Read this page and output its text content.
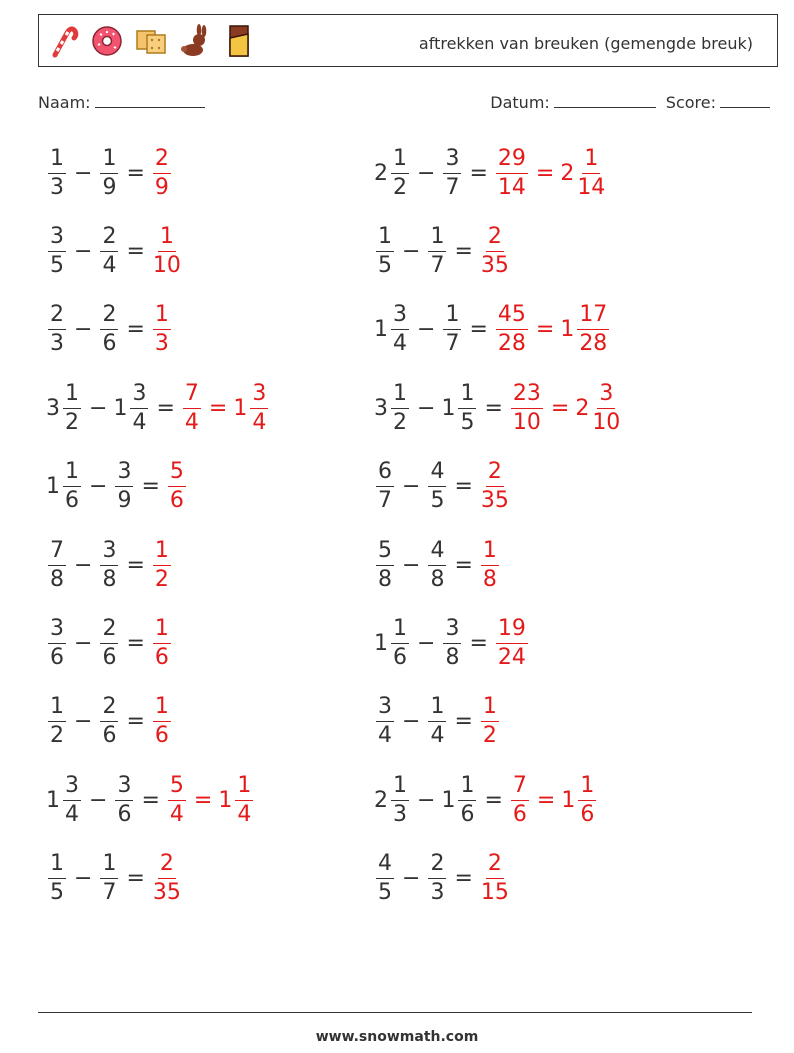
aftrekken van breuken (gemengde breuk)
Naam:	Datum:	Score:
$\frac{1}{3} - \frac{1}{9} = \frac{2}{9}$	$2 \frac{1}{2} - \frac{3}{7} = \frac{29}{14} = 2 \frac{1}{14}$
$\frac{3}{5} - \frac{2}{4} = \frac{1}{10}$	$\frac{1}{5} - \frac{1}{7} = \frac{2}{35}$
$\frac{2}{3} - \frac{2}{6} = \frac{1}{3}$	$1 \frac{3}{4} - \frac{1}{7} = \frac{45}{28} = 1 \frac{17}{28}$
$3 \frac{1}{2} - 1 \frac{3}{4} = \frac{7}{4} = 1 \frac{3}{4}$	$3 \frac{1}{2} - 1 \frac{1}{5} = \frac{23}{10} = 2 \frac{3}{10}$
$1 \frac{1}{6} - \frac{3}{9} = \frac{5}{6}$	$\frac{6}{7} - \frac{4}{5} = \frac{2}{35}$
$\frac{7}{8} - \frac{3}{8} = \frac{1}{2}$	$\frac{5}{8} - \frac{4}{8} = \frac{1}{8}$
$\frac{3}{6} - \frac{2}{6} = \frac{1}{6}$	$1 \frac{1}{6} - \frac{3}{8} = \frac{19}{24}$
$\frac{1}{2} - \frac{2}{6} = \frac{1}{6}$	$\frac{3}{4} - \frac{1}{4} = \frac{1}{2}$
$1 \frac{3}{4} - \frac{3}{6} = \frac{5}{4} = 1 \frac{1}{4}$	$2 \frac{1}{3} - 1 \frac{1}{6} = \frac{7}{6} = 1 \frac{1}{6}$
$\frac{1}{5} - \frac{1}{7} = \frac{2}{35}$	$\frac{4}{5} - \frac{2}{3} = \frac{2}{15}$
www.snowmath.com
